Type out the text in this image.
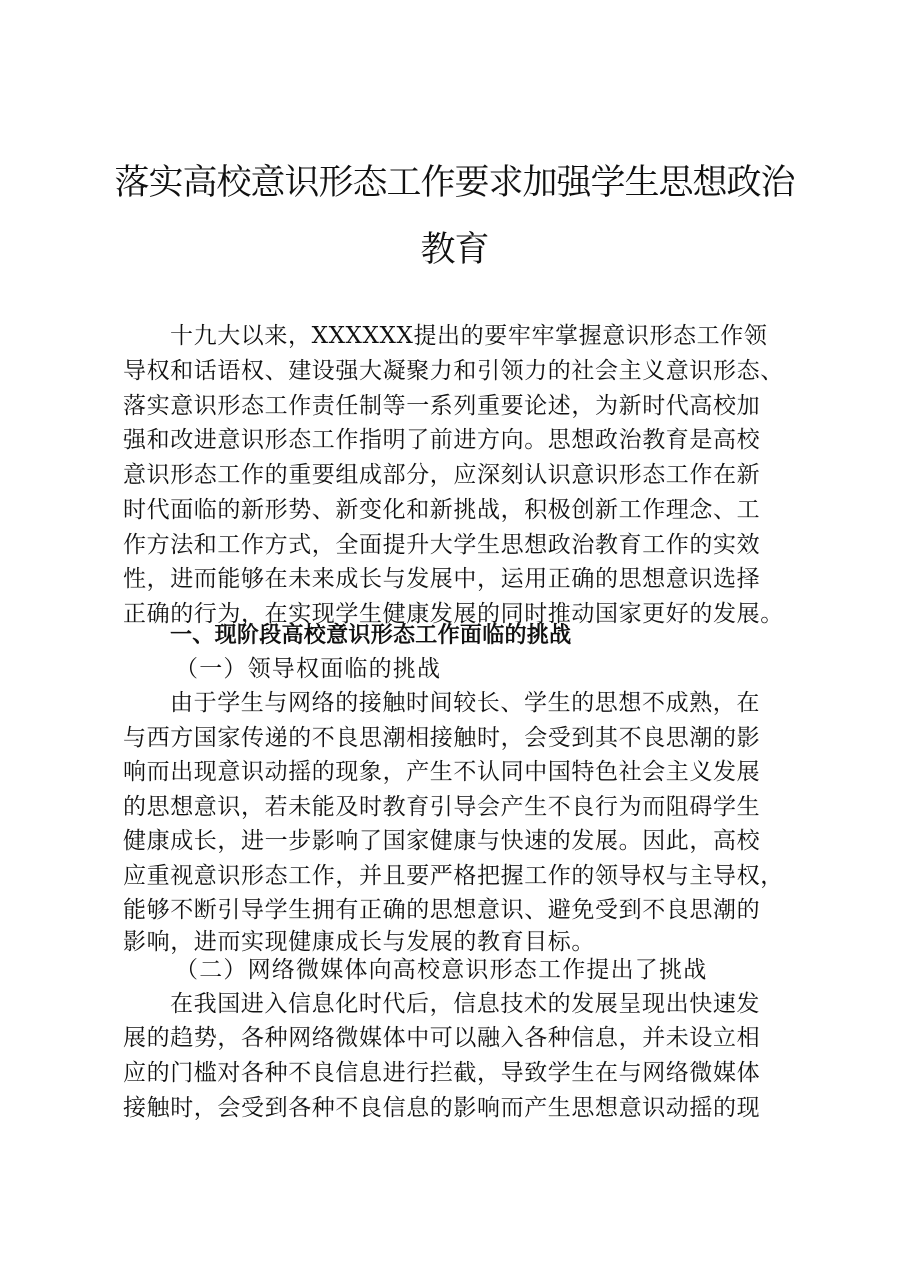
落实高校意识形态工作要求加强学生思想政治
教育
十九大以来，XXXXXX提出的要牢牢掌握意识形态工作领
导权和话语权、建设强大凝聚力和引领力的社会主义意识形态、
落实意识形态工作责任制等一系列重要论述，为新时代高校加
强和改进意识形态工作指明了前进方向。思想政治教育是高校
意识形态工作的重要组成部分，应深刻认识意识形态工作在新
时代面临的新形势、新变化和新挑战，积极创新工作理念、工
作方法和工作方式，全面提升大学生思想政治教育工作的实效
性，进而能够在未来成长与发展中，运用正确的思想意识选择
正确的行为，在实现学生健康发展的同时推动国家更好的发展。
一、现阶段高校意识形态工作面临的挑战
（一）领导权面临的挑战
由于学生与网络的接触时间较长、学生的思想不成熟，在
与西方国家传递的不良思潮相接触时，会受到其不良思潮的影
响而出现意识动摇的现象，产生不认同中国特色社会主义发展
的思想意识，若未能及时教育引导会产生不良行为而阻碍学生
健康成长，进一步影响了国家健康与快速的发展。因此，高校
应重视意识形态工作，并且要严格把握工作的领导权与主导权，
能够不断引导学生拥有正确的思想意识、避免受到不良思潮的
影响，进而实现健康成长与发展的教育目标。
（二）网络微媒体向高校意识形态工作提出了挑战
在我国进入信息化时代后，信息技术的发展呈现出快速发
展的趋势，各种网络微媒体中可以融入各种信息，并未设立相
应的门槛对各种不良信息进行拦截，导致学生在与网络微媒体
接触时，会受到各种不良信息的影响而产生思想意识动摇的现
